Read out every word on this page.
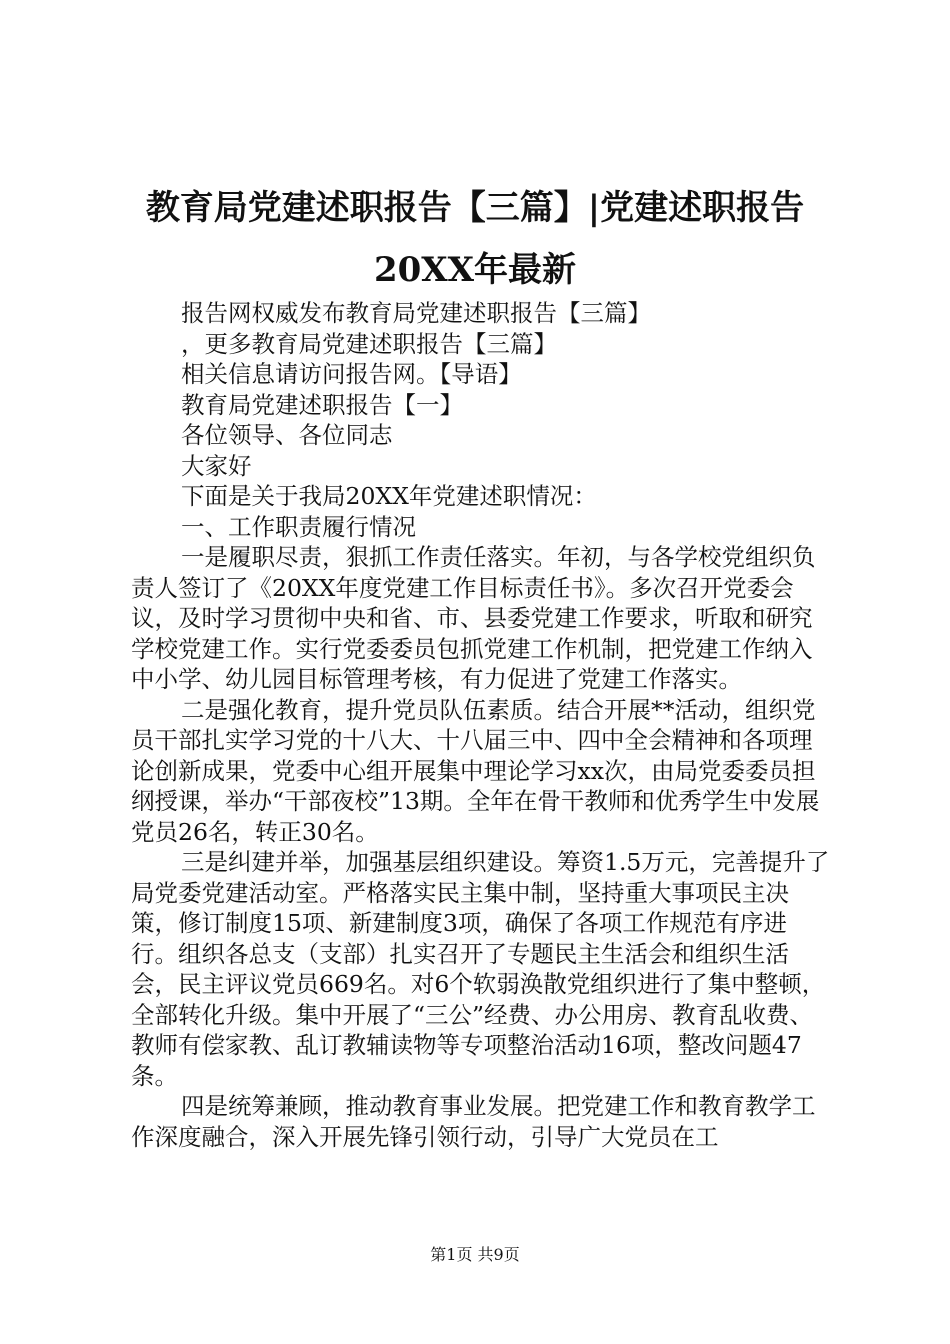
教育局党建述职报告【三篇】|党建述职报告
20XX年最新

报告网权威发布教育局党建述职报告【三篇】

，更多教育局党建述职报告【三篇】

相关信息请访问报告网。【导语】

教育局党建述职报告【一】

各位领导、各位同志

大家好

下面是关于我局20XX年党建述职情况：

一、工作职责履行情况

一是履职尽责，狠抓工作责任落实。年初，与各学校党组织负责人签订了《20XX年度党建工作目标责任书》。多次召开党委会议，及时学习贯彻中央和省、市、县委党建工作要求，听取和研究学校党建工作。实行党委委员包抓党建工作机制，把党建工作纳入中小学、幼儿园目标管理考核，有力促进了党建工作落实。

二是强化教育，提升党员队伍素质。结合开展**活动，组织党员干部扎实学习党的十八大、十八届三中、四中全会精神和各项理论创新成果，党委中心组开展集中理论学习xx次，由局党委委员担纲授课，举办“干部夜校”13期。全年在骨干教师和优秀学生中发展党员26名，转正30名。

三是纠建并举，加强基层组织建设。筹资1.5万元，完善提升了局党委党建活动室。严格落实民主集中制，坚持重大事项民主决策，修订制度15项、新建制度3项，确保了各项工作规范有序进行。组织各总支（支部）扎实召开了专题民主生活会和组织生活会，民主评议党员669名。对6个软弱涣散党组织进行了集中整顿，全部转化升级。集中开展了“三公”经费、办公用房、教育乱收费、教师有偿家教、乱订教辅读物等专项整治活动16项，整改问题47条。

四是统筹兼顾，推动教育事业发展。把党建工作和教育教学工作深度融合，深入开展先锋引领行动，引导广大党员在工

第1页 共9页
